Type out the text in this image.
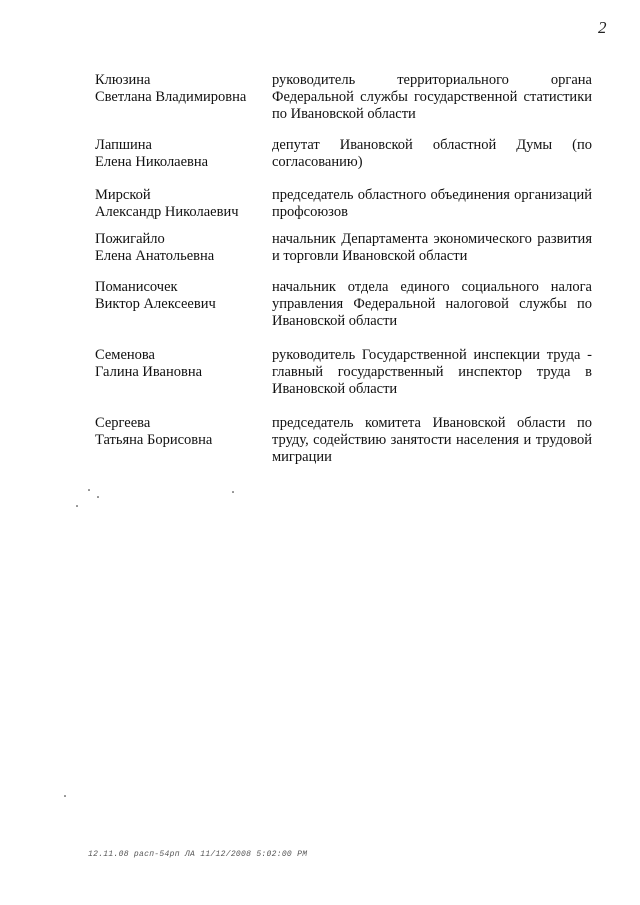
2
Клюзина
Светлана Владимировна
руководитель территориального органа Федеральной службы государственной статистики по Ивановской области
Лапшина
Елена Николаевна
депутат Ивановской областной Думы (по согласованию)
Мирской
Александр Николаевич
председатель областного объединения организаций профсоюзов
Пожигайло
Елена Анатольевна
начальник Департамента экономического развития и торговли Ивановской области
Поманисочек
Виктор Алексеевич
начальник отдела единого социального налога управления Федеральной налоговой службы по Ивановской области
Семенова
Галина Ивановна
руководитель Государственной инспекции труда - главный государственный инспектор труда в Ивановской области
Сергеева
Татьяна Борисовна
председатель комитета Ивановской области по труду, содействию занятости населения и трудовой миграции
12.11.08 расп-54рп ЛА 11/12/2008 5:02:00 PM
